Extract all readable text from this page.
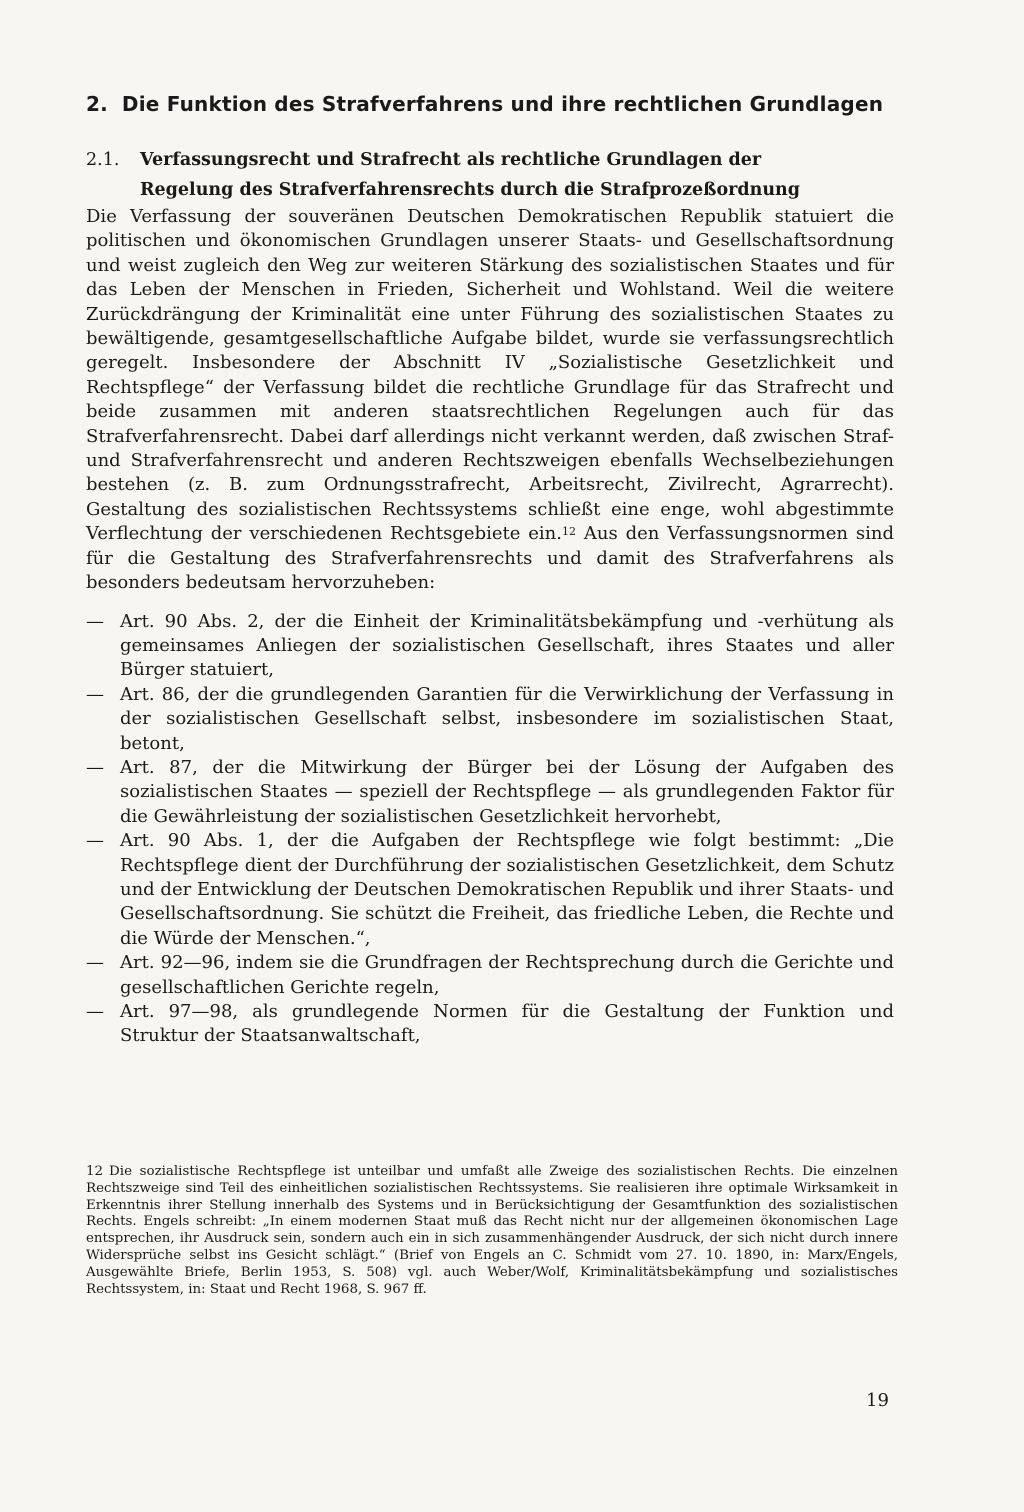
2. Die Funktion des Strafverfahrens und ihre rechtlichen Grundlagen
2.1. Verfassungsrecht und Strafrecht als rechtliche Grundlagen der
Regelung des Strafverfahrensrechts durch die Strafprozeßordnung

Die Verfassung der souveränen Deutschen Demokratischen Republik statuiert die politischen und ökonomischen Grundlagen unserer Staats- und Gesellschaftsordnung und weist zugleich den Weg zur weiteren Stärkung des sozialistischen Staates und für das Leben der Menschen in Frieden, Sicherheit und Wohlstand. Weil die weitere Zurückdrängung der Kriminalität eine unter Führung des sozialistischen Staates zu bewältigende, gesamtgesellschaftliche Aufgabe bildet, wurde sie verfassungsrechtlich geregelt. Insbesondere der Abschnitt IV „Sozialistische Gesetzlichkeit und Rechtspflege“ der Verfassung bildet die rechtliche Grundlage für das Strafrecht und beide zusammen mit anderen staatsrechtlichen Regelungen auch für das Strafverfahrensrecht. Dabei darf allerdings nicht verkannt werden, daß zwischen Straf- und Strafverfahrensrecht und anderen Rechtszweigen ebenfalls Wechselbeziehungen bestehen (z. B. zum Ordnungsstrafrecht, Arbeitsrecht, Zivilrecht, Agrarrecht). Gestaltung des sozialistischen Rechtssystems schließt eine enge, wohl abgestimmte Verflechtung der verschiedenen Rechtsgebiete ein.$^{12}$ Aus den Verfassungsnormen sind für die Gestaltung des Strafverfahrensrechts und damit des Strafverfahrens als besonders bedeutsam hervorzuheben:

— Art. 90 Abs. 2, der die Einheit der Kriminalitätsbekämpfung und -verhütung als gemeinsames Anliegen der sozialistischen Gesellschaft, ihres Staates und aller Bürger statuiert,
— Art. 86, der die grundlegenden Garantien für die Verwirklichung der Verfassung in der sozialistischen Gesellschaft selbst, insbesondere im sozialistischen Staat, betont,
— Art. 87, der die Mitwirkung der Bürger bei der Lösung der Aufgaben des sozialistischen Staates — speziell der Rechtspflege — als grundlegenden Faktor für die Gewährleistung der sozialistischen Gesetzlichkeit hervorhebt,
— Art. 90 Abs. 1, der die Aufgaben der Rechtspflege wie folgt bestimmt: „Die Rechtspflege dient der Durchführung der sozialistischen Gesetzlichkeit, dem Schutz und der Entwicklung der Deutschen Demokratischen Republik und ihrer Staats- und Gesellschaftsordnung. Sie schützt die Freiheit, das friedliche Leben, die Rechte und die Würde der Menschen.“,
— Art. 92—96, indem sie die Grundfragen der Rechtsprechung durch die Gerichte und gesellschaftlichen Gerichte regeln,
— Art. 97—98, als grundlegende Normen für die Gestaltung der Funktion und Struktur der Staatsanwaltschaft,
12 Die sozialistische Rechtspflege ist unteilbar und umfaßt alle Zweige des sozialistischen Rechts. Die einzelnen Rechtszweige sind Teil des einheitlichen sozialistischen Rechtssystems. Sie realisieren ihre optimale Wirksamkeit in Erkenntnis ihrer Stellung innerhalb des Systems und in Berücksichtigung der Gesamtfunktion des sozialistischen Rechts. Engels schreibt: „In einem modernen Staat muß das Recht nicht nur der allgemeinen ökonomischen Lage entsprechen, ihr Ausdruck sein, sondern auch ein in sich zusammenhängender Ausdruck, der sich nicht durch innere Widersprüche selbst ins Gesicht schlägt.“ (Brief von Engels an C. Schmidt vom 27. 10. 1890, in: Marx/Engels, Ausgewählte Briefe, Berlin 1953, S. 508) vgl. auch Weber/Wolf, Kriminalitätsbekämpfung und sozialistisches Rechtssystem, in: Staat und Recht 1968, S. 967 ff.
19
